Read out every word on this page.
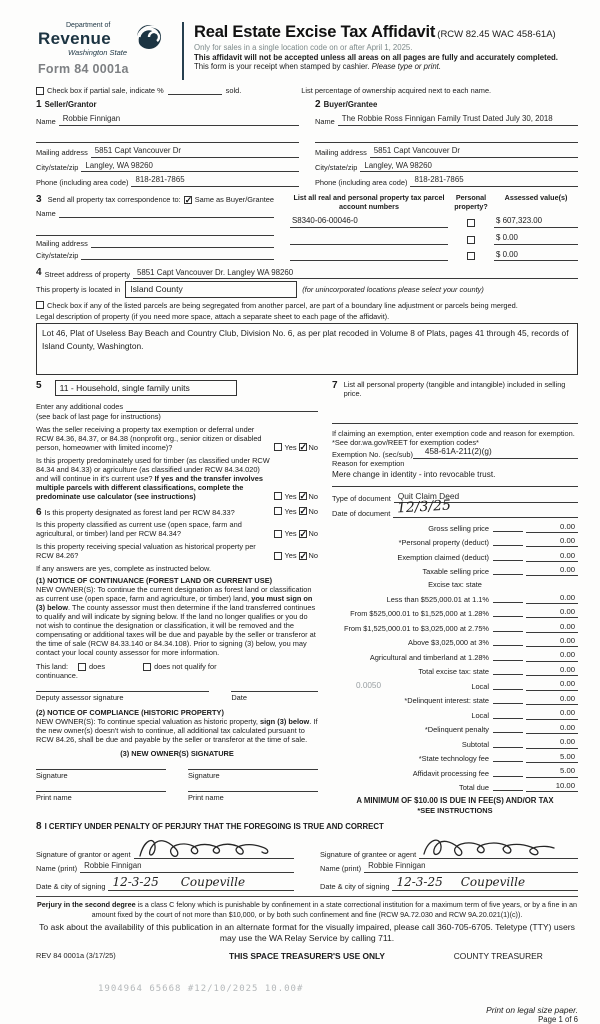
Department of
Revenue
Washington State
Form 84 0001a
Real Estate Excise Tax Affidavit (RCW 82.45 WAC 458-61A)
Only for sales in a single location code on or after April 1, 2025.
This affidavit will not be accepted unless all areas on all pages are fully and accurately completed.
This form is your receipt when stamped by cashier. Please type or print.
Check box if partial sale, indicate %	sold.	List percentage of ownership acquired next to each name.
1 Seller/Grantor
Name Robbie Finnigan
Mailing address 5851 Capt Vancouver Dr
City/state/zip Langley, WA 98260
Phone (including area code) 818-281-7865
2 Buyer/Grantee
Name The Robbie Ross Finnigan Family Trust Dated July 30, 2018
Mailing address 5851 Capt Vancouver Dr
City/state/zip Langley, WA 98260
Phone (including area code) 818-281-7865
3 Send all property tax correspondence to:
✓ Same as Buyer/Grantee
Name
Mailing address
City/state/zip
List all real and personal property tax parcel account numbers
Personal property?
Assessed value(s)
S8340-06-00046-0	$ 607,323.00
$ 0.00
$ 0.00
4 Street address of property 5851 Capt Vancouver Dr. Langley WA 98260
This property is located in	Island County	(for unincorporated locations please select your county)
Check box if any of the listed parcels are being segregated from another parcel, are part of a boundary line adjustment or parcels being merged.
Legal description of property (if you need more space, attach a separate sheet to each page of the affidavit).
Lot 46, Plat of Useless Bay Beach and Country Club, Division No. 6, as per plat recoded in Volume 8 of Plats, pages 41 through 45, records of Island County, Washington.
5	11 - Household, single family units
Enter any additional codes
(see back of last page for instructions)
Was the seller receiving a property tax exemption or deferral under RCW 84.36, 84.37, or 84.38 (nonprofit org., senior citizen or disabled person, homeowner with limited income)?	Yes ✓ No
Is this property predominately used for timber (as classified under RCW 84.34 and 84.33) or agriculture (as classified under RCW 84.34.020) and will continue in it's current use? If yes and the transfer involves multiple parcels with different classifications, complete the predominate use calculator (see instructions)	Yes ✓ No
6 Is this property designated as forest land per RCW 84.33?	Yes ✓ No
Is this property classified as current use (open space, farm and agricultural, or timber) land per RCW 84.34?	Yes ✓ No
Is this property receiving special valuation as historical property per RCW 84.26?	Yes ✓ No
If any answers are yes, complete as instructed below.
(1) NOTICE OF CONTINUANCE (FOREST LAND OR CURRENT USE)
NEW OWNER(S): To continue the current designation as forest land or classification as current use (open space, farm and agriculture, or timber) land, you must sign on (3) below. The county assessor must then determine if the land transferred continues to qualify and will indicate by signing below. If the land no longer qualifies or you do not wish to continue the designation or classification, it will be removed and the compensating or additional taxes will be due and payable by the seller or transferor at the time of sale (RCW 84.33.140 or 84.34.108). Prior to signing (3) below, you may contact your local county assessor for more information.
This land:	does	does not qualify for
continuance.
Deputy assessor signature	Date
(2) NOTICE OF COMPLIANCE (HISTORIC PROPERTY)
NEW OWNER(S): To continue special valuation as historic property, sign (3) below. If the new owner(s) doesn't wish to continue, all additional tax calculated pursuant to RCW 84.26, shall be due and payable by the seller or transferor at the time of sale.
(3) NEW OWNER(S) SIGNATURE
Signature	Signature
Print name	Print name
7 List all personal property (tangible and intangible) included in selling price.
If claiming an exemption, enter exemption code and reason for exemption. *See dor.wa.gov/REET for exemption codes*
Exemption No. (sec/sub)	458-61A-211(2)(g)
Reason for exemption
Mere change in identity - into revocable trust.
Type of document Quit Claim Deed
Date of document 12/3/25
Gross selling price	0.00
*Personal property (deduct)	0.00
Exemption claimed (deduct)	0.00
Taxable selling price	0.00
Excise tax: state
Less than $525,000.01 at 1.1%	0.00
From $525,000.01 to $1,525,000 at 1.28%	0.00
From $1,525,000.01 to $3,025,000 at 2.75%	0.00
Above $3,025,000 at 3%	0.00
Agricultural and timberland at 1.28%	0.00
Total excise tax: state	0.00
0.0050	Local	0.00
*Delinquent interest: state	0.00
Local	0.00
*Delinquent penalty	0.00
Subtotal	0.00
*State technology fee	5.00
Affidavit processing fee	5.00
Total due	10.00
A MINIMUM OF $10.00 IS DUE IN FEE(S) AND/OR TAX
*SEE INSTRUCTIONS
8 I CERTIFY UNDER PENALTY OF PERJURY THAT THE FOREGOING IS TRUE AND CORRECT
Signature of grantor or agent
Name (print) Robbie Finnigan
Date & city of signing 12-3-25 Coupeville
Signature of grantee or agent
Name (print) Robbie Finnigan
Date & city of signing 12-3-25 Coupeville
Perjury in the second degree is a class C felony which is punishable by confinement in a state correctional institution for a maximum term of five years, or by a fine in an amount fixed by the court of not more than $10,000, or by both such confinement and fine (RCW 9A.72.030 and RCW 9A.20.021(1)(c)).
To ask about the availability of this publication in an alternate format for the visually impaired, please call 360-705-6705. Teletype (TTY) users may use the WA Relay Service by calling 711.
REV 84 0001a (3/17/25)	THIS SPACE TREASURER'S USE ONLY	COUNTY TREASURER
1904964 65668 #12/10/2025 10.00#
Print on legal size paper.
Page 1 of 6
